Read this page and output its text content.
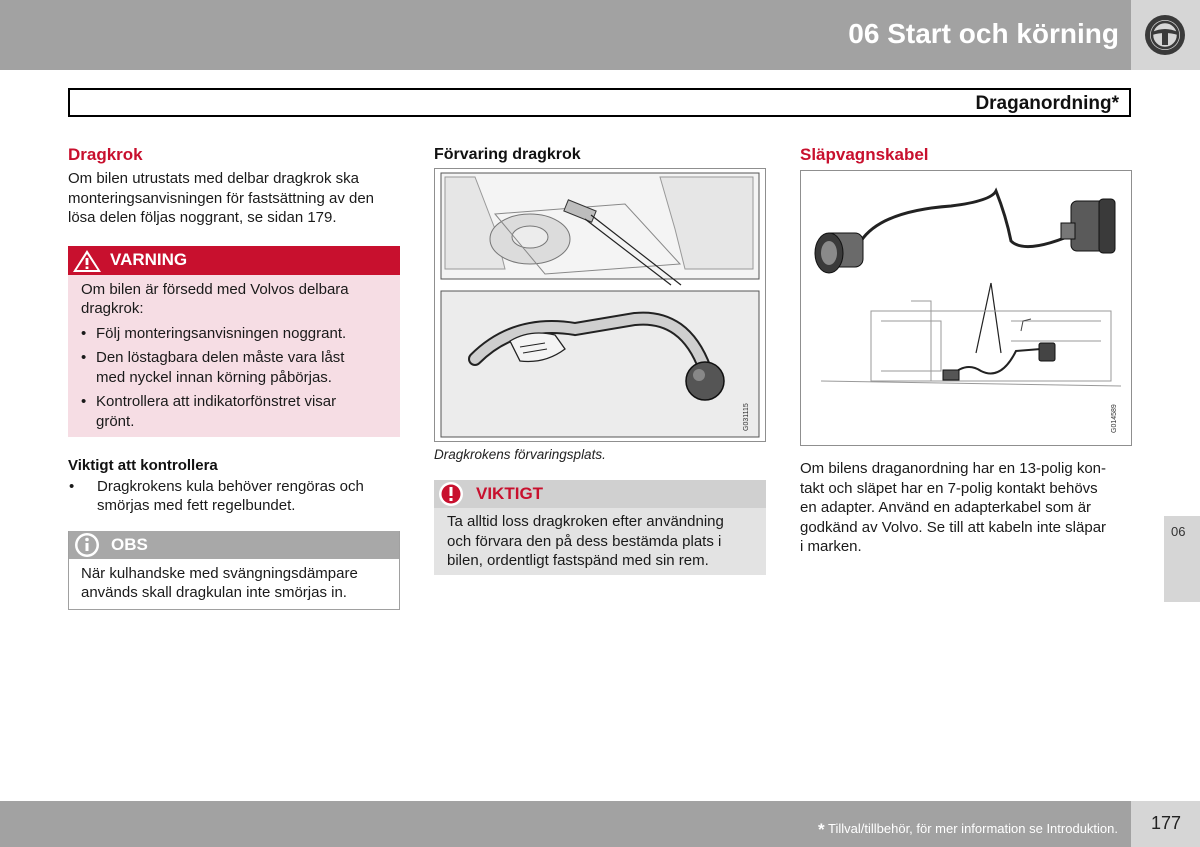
06 Start och körning
Draganordning*
Dragkrok
Om bilen utrustats med delbar dragkrok ska
monteringsanvisningen för fastsättning av den
lösa delen följas noggrant, se sidan 179.
VARNING
Om bilen är försedd med Volvos delbara
dragkrok:
• Följ monteringsanvisningen noggrant.
• Den löstagbara delen måste vara låst
med nyckel innan körning påbörjas.
• Kontrollera att indikatorfönstret visar
grönt.
Viktigt att kontrollera
• Dragkrokens kula behöver rengöras och
smörjas med fett regelbundet.
OBS
När kulhandske med svängningsdämpare
används skall dragkulan inte smörjas in.
Förvaring dragkrok
G031115
Dragkrokens förvaringsplats.
VIKTIGT
Ta alltid loss dragkroken efter användning
och förvara den på dess bestämda plats i
bilen, ordentligt fastspänd med sin rem.
Släpvagnskabel
G014589
Om bilens draganordning har en 13-polig kon-
takt och släpet har en 7-polig kontakt behövs
en adapter. Använd en adapterkabel som är
godkänd av Volvo. Se till att kabeln inte släpar
i marken.
06
* Tillval/tillbehör, för mer information se Introduktion. 177
